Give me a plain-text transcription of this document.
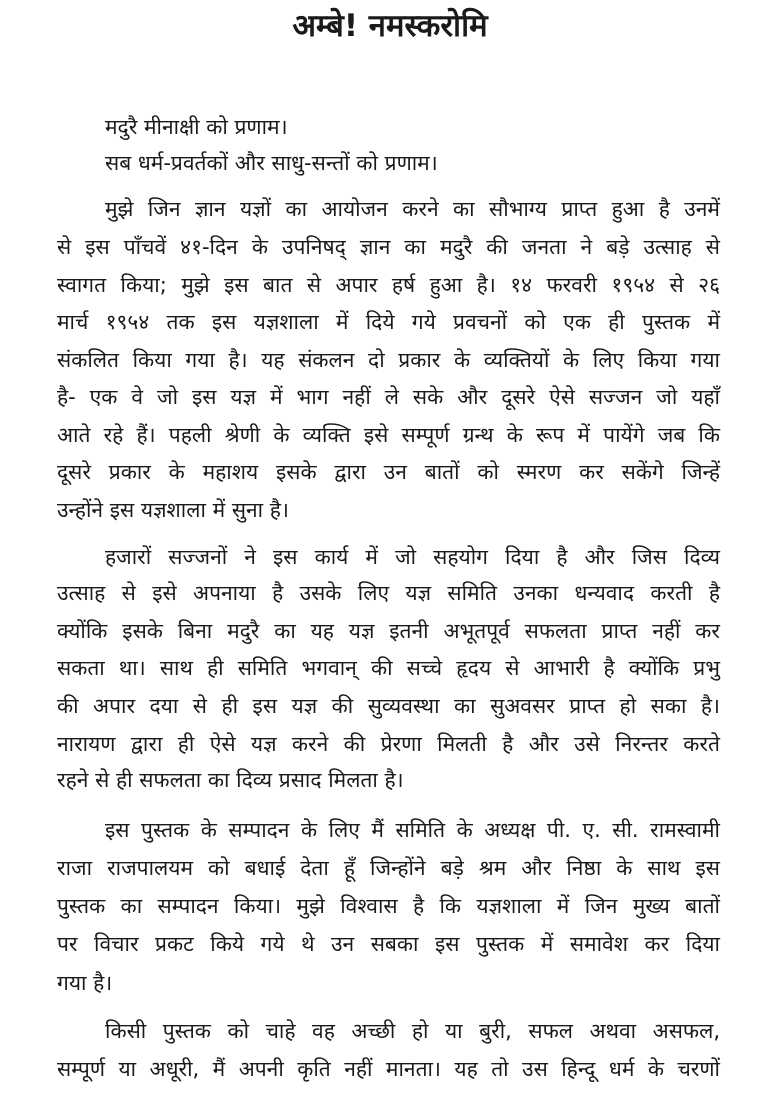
अम्बे! नमस्करोमि
मदुरै मीनाक्षी को प्रणाम।
सब धर्म-प्रवर्तकों और साधु-सन्तों को प्रणाम।
मुझे जिन ज्ञान यज्ञों का आयोजन करने का सौभाग्य प्राप्त हुआ है उनमें
से इस पाँचवें ४१-दिन के उपनिषद् ज्ञान का मदुरै की जनता ने बड़े उत्साह से
स्वागत किया; मुझे इस बात से अपार हर्ष हुआ है। १४ फरवरी १९५४ से २६
मार्च १९५४ तक इस यज्ञशाला में दिये गये प्रवचनों को एक ही पुस्तक में
संकलित किया गया है। यह संकलन दो प्रकार के व्यक्तियों के लिए किया गया
है- एक वे जो इस यज्ञ में भाग नहीं ले सके और दूसरे ऐसे सज्जन जो यहाँ
आते रहे हैं। पहली श्रेणी के व्यक्ति इसे सम्पूर्ण ग्रन्थ के रूप में पायेंगे जब कि
दूसरे प्रकार के महाशय इसके द्वारा उन बातों को स्मरण कर सकेंगे जिन्हें
उन्होंने इस यज्ञशाला में सुना है।
हजारों सज्जनों ने इस कार्य में जो सहयोग दिया है और जिस दिव्य
उत्साह से इसे अपनाया है उसके लिए यज्ञ समिति उनका धन्यवाद करती है
क्योंकि इसके बिना मदुरै का यह यज्ञ इतनी अभूतपूर्व सफलता प्राप्त नहीं कर
सकता था। साथ ही समिति भगवान् की सच्चे हृदय से आभारी है क्योंकि प्रभु
की अपार दया से ही इस यज्ञ की सुव्यवस्था का सुअवसर प्राप्त हो सका है।
नारायण द्वारा ही ऐसे यज्ञ करने की प्रेरणा मिलती है और उसे निरन्तर करते
रहने से ही सफलता का दिव्य प्रसाद मिलता है।
इस पुस्तक के सम्पादन के लिए मैं समिति के अध्यक्ष पी. ए. सी. रामस्वामी
राजा राजपालयम को बधाई देता हूँ जिन्होंने बड़े श्रम और निष्ठा के साथ इस
पुस्तक का सम्पादन किया। मुझे विश्वास है कि यज्ञशाला में जिन मुख्य बातों
पर विचार प्रकट किये गये थे उन सबका इस पुस्तक में समावेश कर दिया
गया है।
किसी पुस्तक को चाहे वह अच्छी हो या बुरी, सफल अथवा असफल,
सम्पूर्ण या अधूरी, मैं अपनी कृति नहीं मानता। यह तो उस हिन्दू धर्म के चरणों
